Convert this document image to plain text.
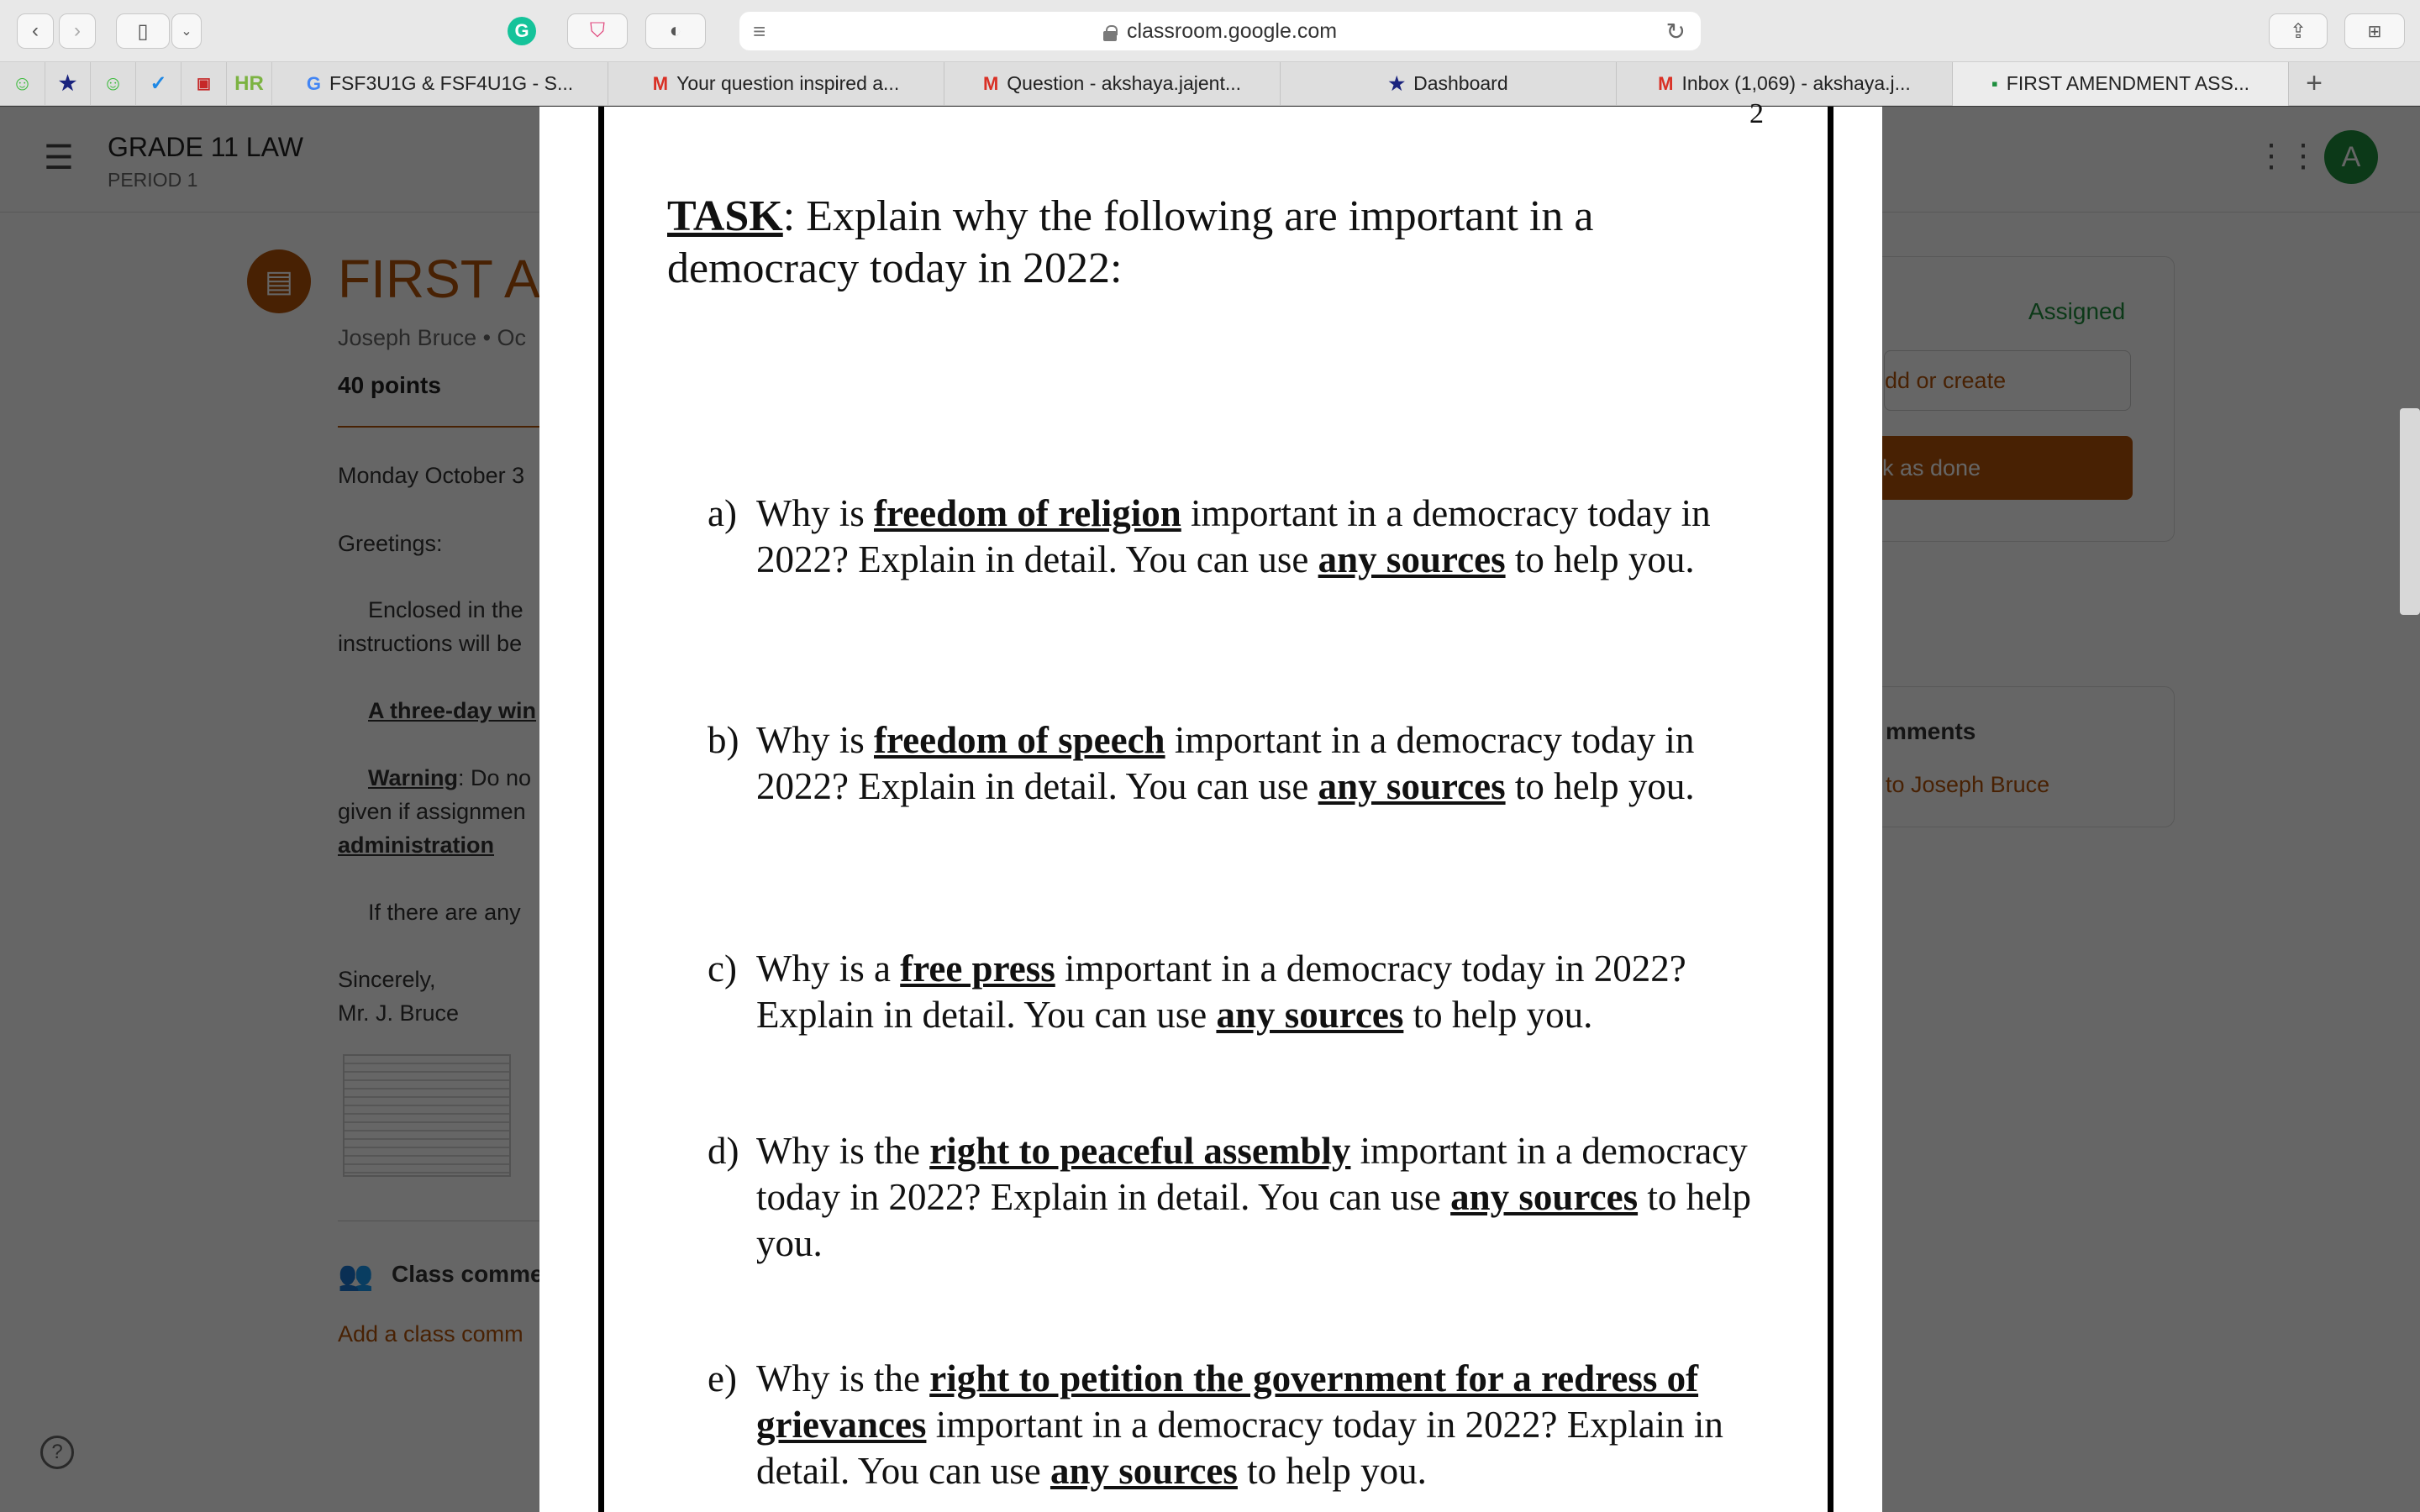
‹ ›	▯ ⌄	G	⛉	◐	≡	classroom.google.com	↻	⇪	⊞
☺ ★ ☺ ✓ ▣ HR G FSF3U1G & FSF4U1G - S...	M Your question inspired a...	M Question - akshaya.jajent...	★ Dashboard	M Inbox (1,069) - akshaya.j...	▪ FIRST AMENDMENT ASS...	+
2
TASK: Explain why the following are important in a
democracy today in 2022:
a) Why is freedom of religion important in a democracy today in 2022? Explain in detail. You can use any sources to help you.
b) Why is freedom of speech important in a democracy today in 2022? Explain in detail. You can use any sources to help you.
c) Why is a free press important in a democracy today in 2022? Explain in detail. You can use any sources to help you.
d) Why is the right to peaceful assembly important in a democracy today in 2022? Explain in detail. You can use any sources to help you.
e) Why is the right to petition the government for a redress of grievances important in a democracy today in 2022? Explain in detail. You can use any sources to help you.
